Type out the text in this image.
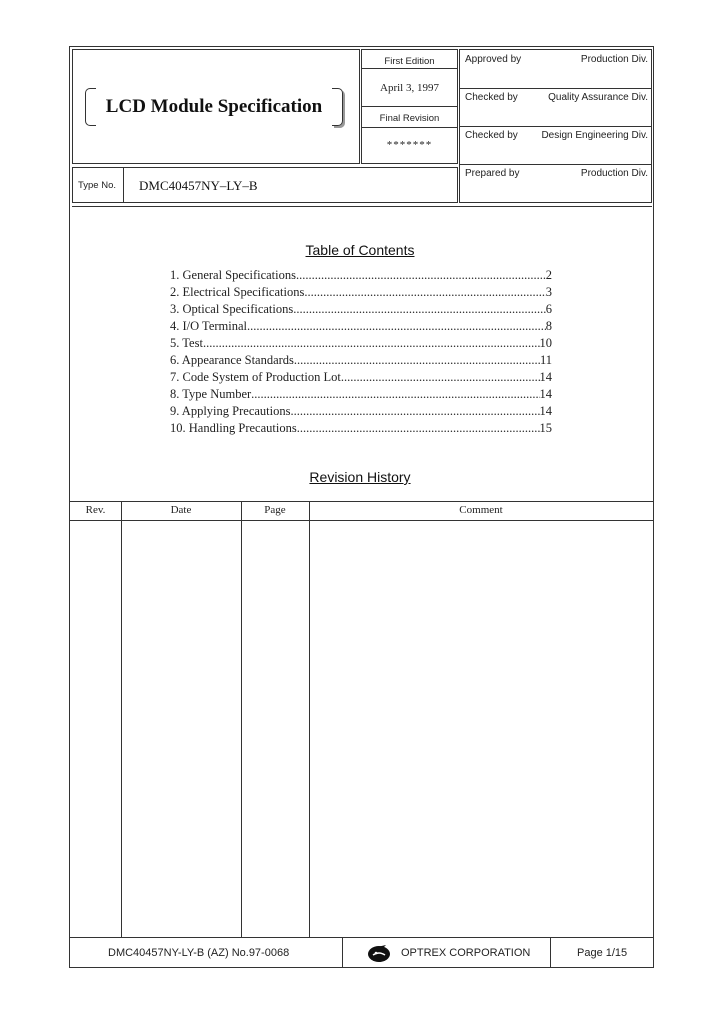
LCD Module Specification
Type No. DMC40457NY–LY–B
First Edition
April 3, 1997
Final Revision
*******
Approved by	Production Div.
Checked by	Quality Assurance Div.
Checked by Design Engineering Div.
Prepared by	Production Div.
Table of Contents
1. General Specifications .....	2
2. Electrical Specifications .....	3
3. Optical Specifications .....	6
4. I/O Terminal .....	8
5. Test .....	10
6. Appearance Standards .....	11
7. Code System of Production Lot .....	14
8. Type Number .....	14
9. Applying Precautions .....	14
10. Handling Precautions .....	15
Revision History
Rev.	Date	Page	Comment
DMC40457NY-LY-B (AZ) No.97-0068	OPTREX CORPORATION	Page 1/15
